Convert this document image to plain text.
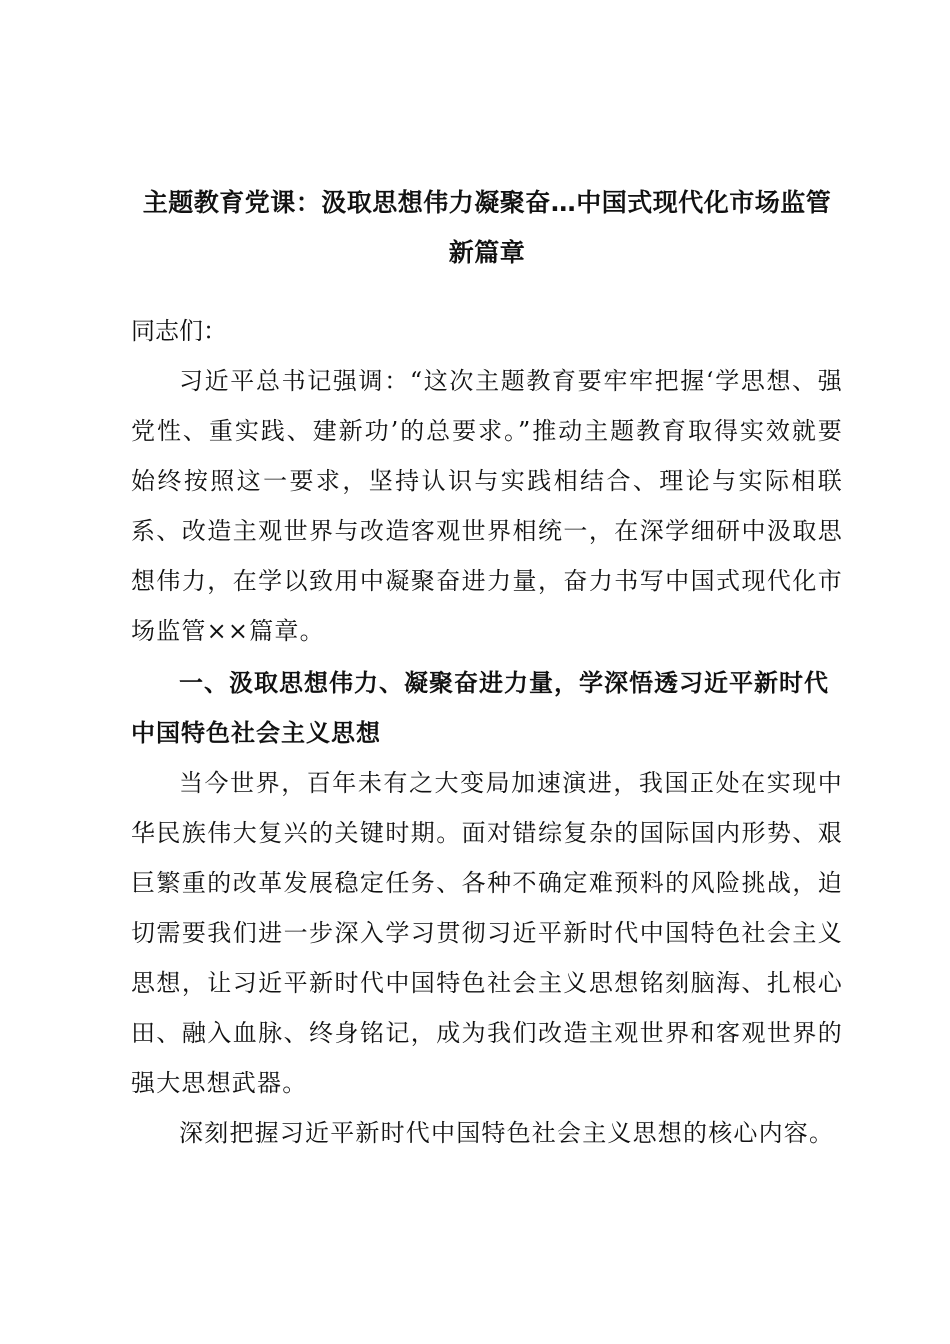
主题教育党课：汲取思想伟力凝聚奋…中国式现代化市场监管新篇章
同志们：

习近平总书记强调：“这次主题教育要牢牢把握‘学思想、强党性、重实践、建新功’的总要求。”推动主题教育取得实效就要始终按照这一要求，坚持认识与实践相结合、理论与实际相联系、改造主观世界与改造客观世界相统一，在深学细研中汲取思想伟力，在学以致用中凝聚奋进力量，奋力书写中国式现代化市场监管××篇章。

一、汲取思想伟力、凝聚奋进力量，学深悟透习近平新时代中国特色社会主义思想

当今世界，百年未有之大变局加速演进，我国正处在实现中华民族伟大复兴的关键时期。面对错综复杂的国际国内形势、艰巨繁重的改革发展稳定任务、各种不确定难预料的风险挑战，迫切需要我们进一步深入学习贯彻习近平新时代中国特色社会主义思想，让习近平新时代中国特色社会主义思想铭刻脑海、扎根心田、融入血脉、终身铭记，成为我们改造主观世界和客观世界的强大思想武器。

深刻把握习近平新时代中国特色社会主义思想的核心内容。
